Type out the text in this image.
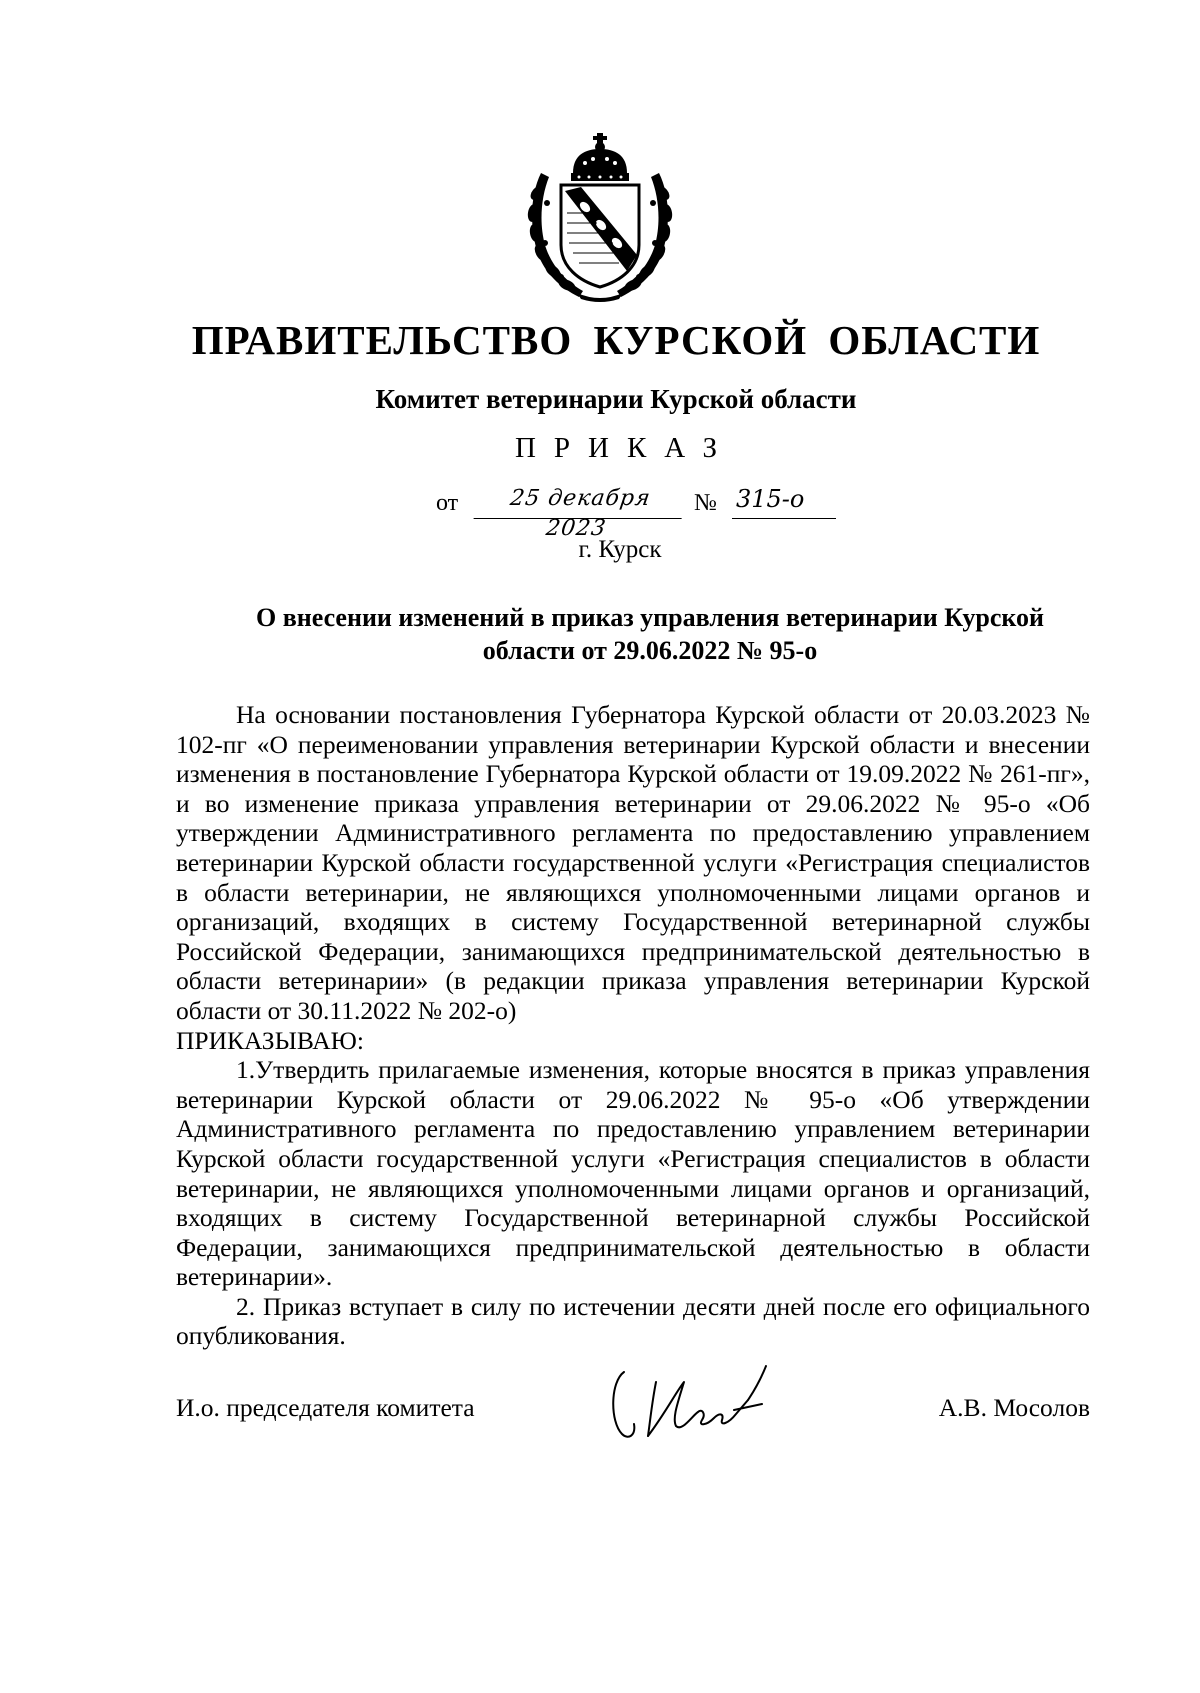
ПРАВИТЕЛЬСТВО КУРСКОЙ ОБЛАСТИ
Комитет ветеринарии Курской области
ПРИКАЗ
от	25 декабря 2023
№ 315-о
г. Курск
О внесении изменений в приказ управления ветеринарии Курской области от 29.06.2022 № 95-о

На основании постановления Губернатора Курской области от 20.03.2023 № 102-пг «О переименовании управления ветеринарии Курской области и внесении изменения в постановление Губернатора Курской области от 19.09.2022 № 261-пг», и во изменение приказа управления ветеринарии от 29.06.2022 № 95-о «Об утверждении Административного регламента по предоставлению управлением ветеринарии Курской области государственной услуги «Регистрация специалистов в области ветеринарии, не являющихся уполномоченными лицами органов и организаций, входящих в систему Государственной ветеринарной службы Российской Федерации, занимающихся предпринимательской деятельностью в области ветеринарии» (в редакции приказа управления ветеринарии Курской области от 30.11.2022 № 202-о)

ПРИКАЗЫВАЮ:

1.Утвердить прилагаемые изменения, которые вносятся в приказ управления ветеринарии Курской области от 29.06.2022 № 95-о «Об утверждении Административного регламента по предоставлению управлением ветеринарии Курской области государственной услуги «Регистрация специалистов в области ветеринарии, не являющихся уполномоченными лицами органов и организаций, входящих в систему Государственной ветеринарной службы Российской Федерации, занимающихся предпринимательской деятельностью в области ветеринарии».

2. Приказ вступает в силу по истечении десяти дней после его официального опубликования.

И.о. председателя комитета	А.В. Мосолов
